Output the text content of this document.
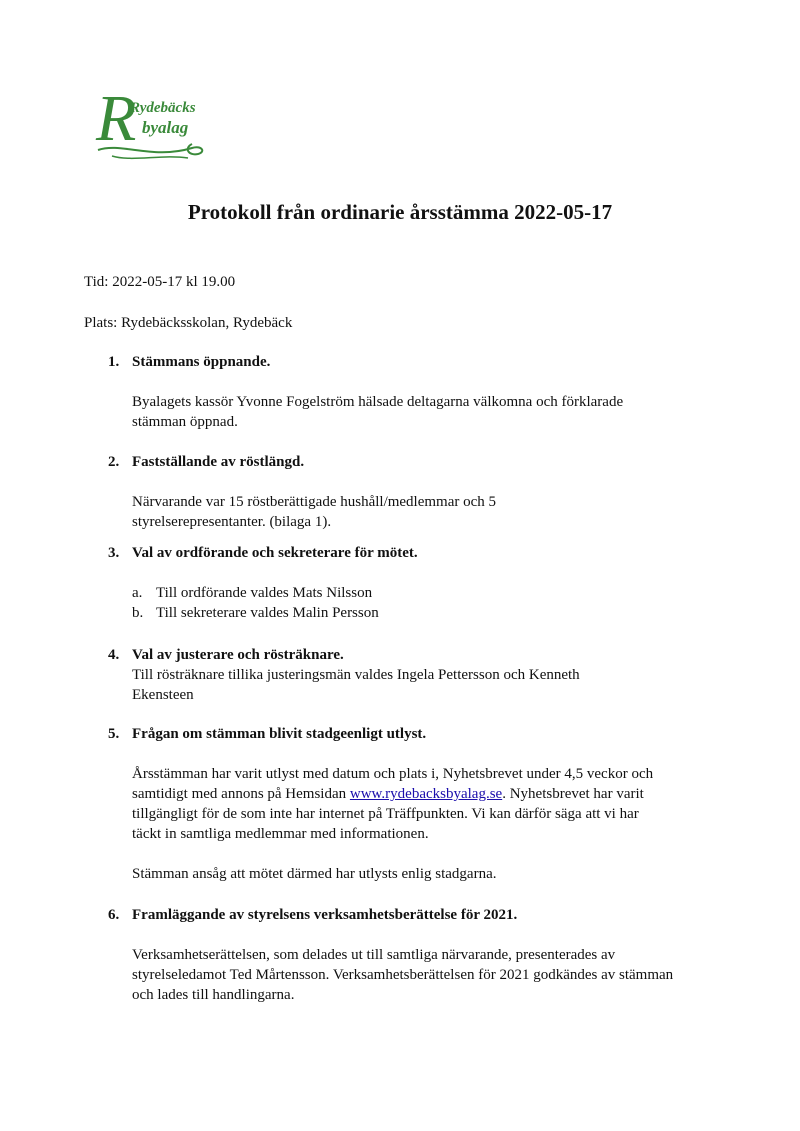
R
Rydebäcks
byalag
Protokoll från ordinarie årsstämma 2022-05-17

Tid: 2022-05-17 kl 19.00

Plats: Rydebäcksskolan, Rydebäck

1. Stämmans öppnande.
Byalagets kassör Yvonne Fogelström hälsade deltagarna välkomna och förklarade
stämman öppnad.
2. Fastställande av röstlängd.
Närvarande var 15 röstberättigade hushåll/medlemmar och 5
styrelserepresentanter. (bilaga 1).
3. Val av ordförande och sekreterare för mötet.
a. Till ordförande valdes Mats Nilsson
b. Till sekreterare valdes Malin Persson
4. Val av justerare och rösträknare.
Till rösträknare tillika justeringsmän valdes Ingela Pettersson och Kenneth
Ekensteen
5. Frågan om stämman blivit stadgeenligt utlyst.
Årsstämman har varit utlyst med datum och plats i, Nyhetsbrevet under 4,5 veckor och
samtidigt med annons på Hemsidan www.rydebacksbyalag.se. Nyhetsbrevet har varit
tillgängligt för de som inte har internet på Träffpunkten. Vi kan därför säga att vi har
täckt in samtliga medlemmar med informationen.
Stämman ansåg att mötet därmed har utlysts enlig stadgarna.
6. Framläggande av styrelsens verksamhetsberättelse för 2021.
Verksamhetserättelsen, som delades ut till samtliga närvarande, presenterades av
styrelseledamot Ted Mårtensson. Verksamhetsberättelsen för 2021 godkändes av stämman
och lades till handlingarna.
